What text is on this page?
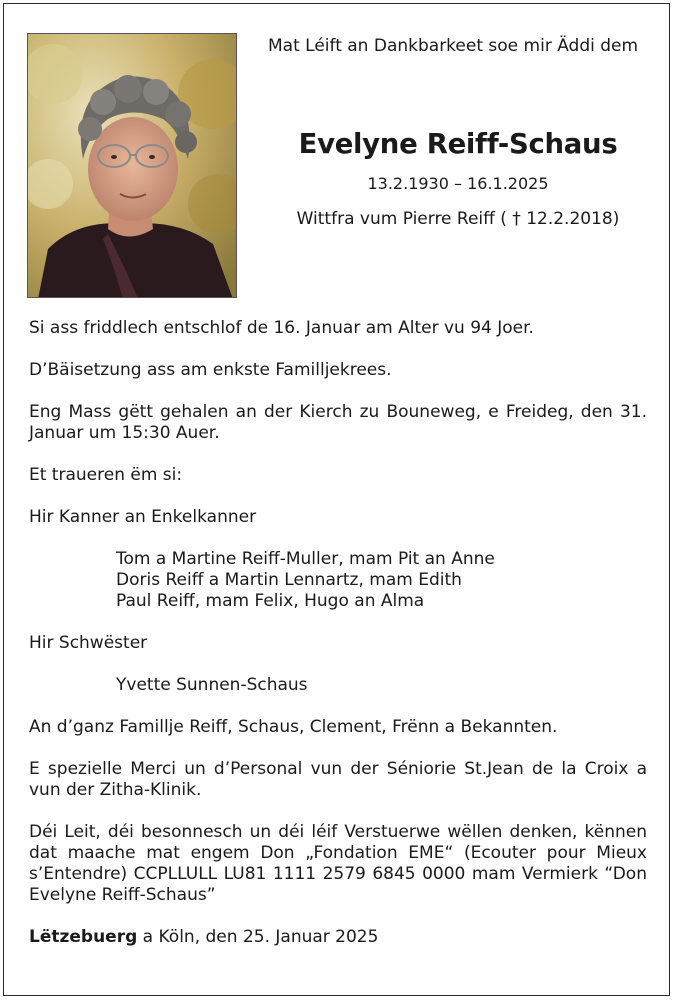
Mat Léift an Dankbarkeet soe mir Äddi dem
Evelyne Reiff-Schaus
13.2.1930 – 16.1.2025
Wittfra vum Pierre Reiff ( † 12.2.2018)

Si ass friddlech entschlof de 16. Januar am Alter vu 94 Joer.

D’Bäisetzung ass am enkste Familljekrees.

Eng Mass gëtt gehalen an der Kierch zu Bouneweg, e Freideg, den 31. Januar um 15:30 Auer.

Et traueren ëm si:

Hir Kanner an Enkelkanner

Tom a Martine Reiff-Muller, mam Pit an Anne
Doris Reiff a Martin Lennartz, mam Edith
Paul Reiff, mam Felix, Hugo an Alma

Hir Schwëster

Yvette Sunnen-Schaus

An d’ganz Famillje Reiff, Schaus, Clement, Frënn a Bekannten.

E spezielle Merci un d’Personal vun der Séniorie St.Jean de la Croix a vun der Zitha-Klinik.

Déi Leit, déi besonnesch un déi léif Verstuerwe wëllen denken, kënnen dat maache mat engem Don „Fondation EME“ (Ecouter pour Mieux s’Entendre) CCPLLULL LU81 1111 2579 6845 0000 mam Vermierk “Don Evelyne Reiff-Schaus”

Lëtzebuerg a Köln, den 25. Januar 2025
